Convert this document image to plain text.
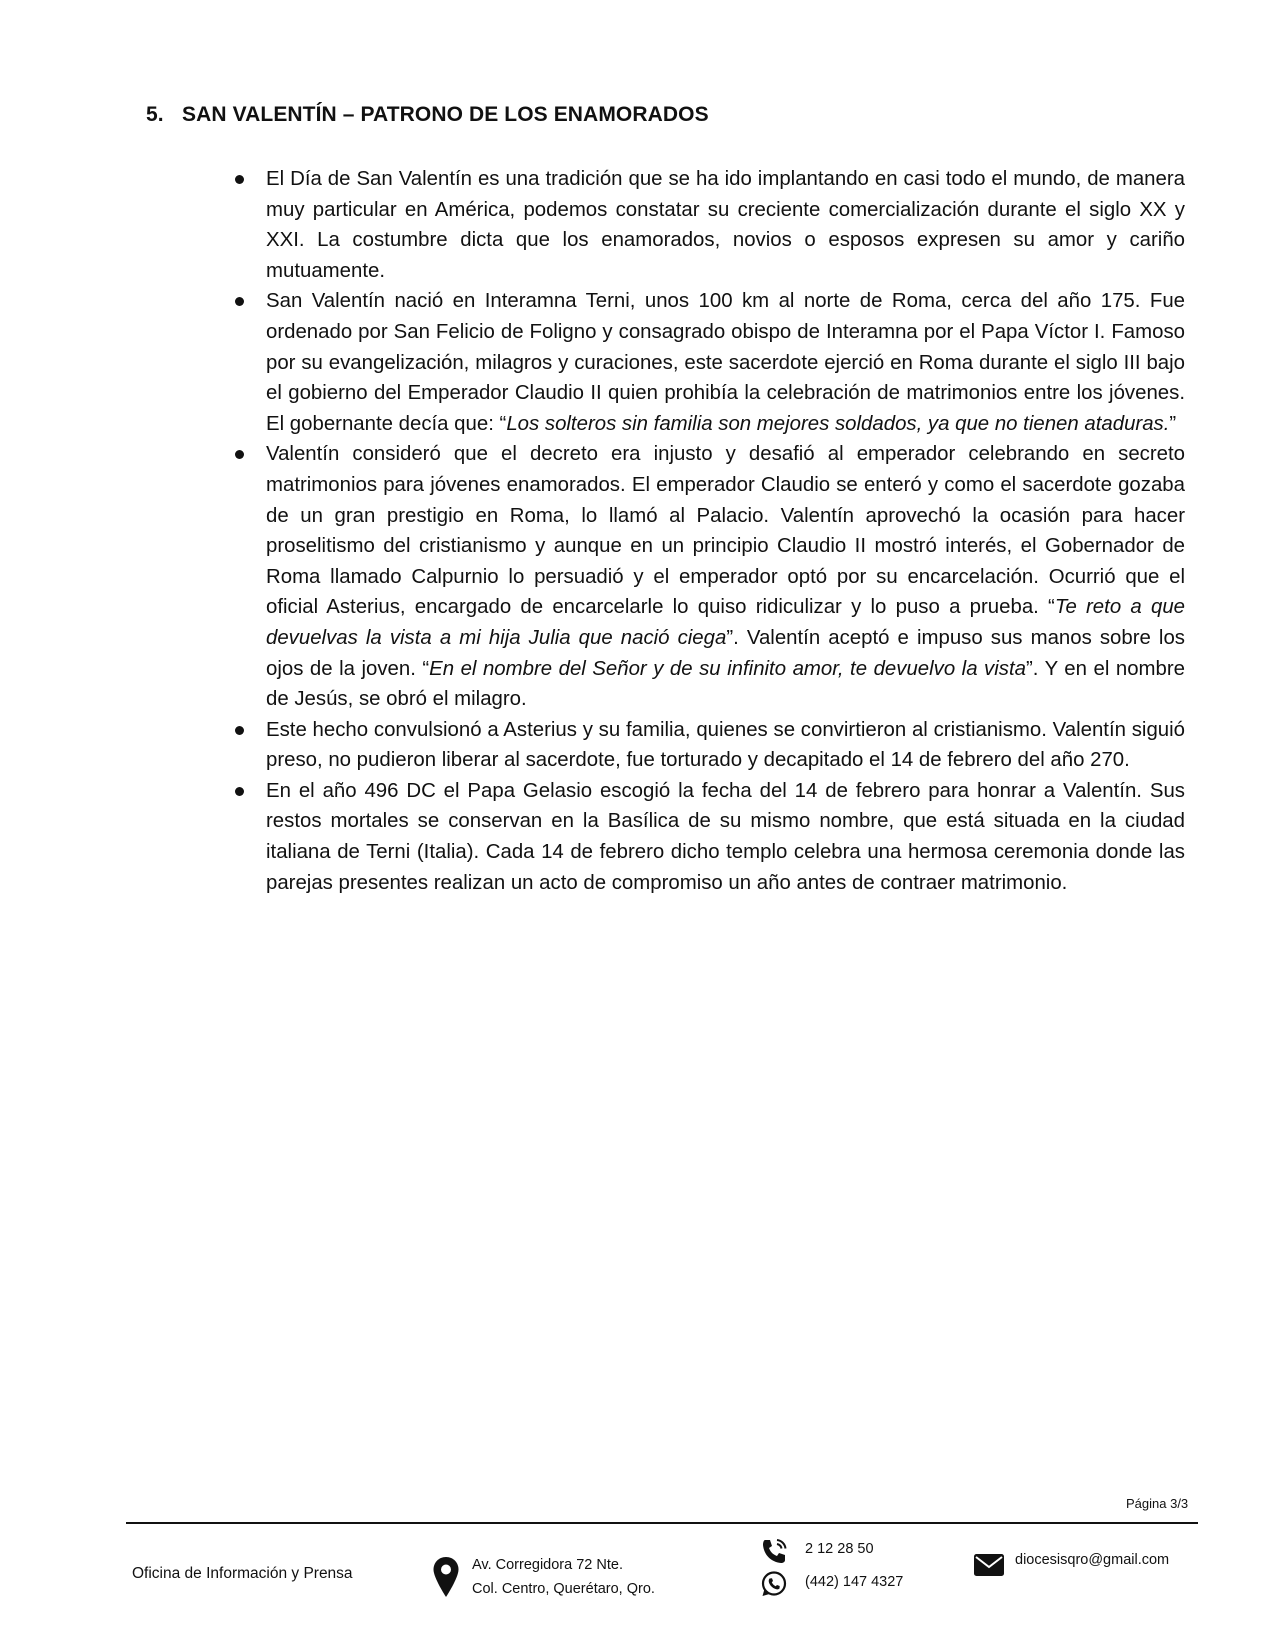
5. SAN VALENTÍN – PATRONO DE LOS ENAMORADOS

El Día de San Valentín es una tradición que se ha ido implantando en casi todo el mundo, de manera muy particular en América, podemos constatar su creciente comercialización durante el siglo XX y XXI. La costumbre dicta que los enamorados, novios o esposos expresen su amor y cariño mutuamente.

San Valentín nació en Interamna Terni, unos 100 km al norte de Roma, cerca del año 175. Fue ordenado por San Felicio de Foligno y consagrado obispo de Interamna por el Papa Víctor I. Famoso por su evangelización, milagros y curaciones, este sacerdote ejerció en Roma durante el siglo III bajo el gobierno del Emperador Claudio II quien prohibía la celebración de matrimonios entre los jóvenes. El gobernante decía que: “Los solteros sin familia son mejores soldados, ya que no tienen ataduras.”

Valentín consideró que el decreto era injusto y desafió al emperador celebrando en secreto matrimonios para jóvenes enamorados. El emperador Claudio se enteró y como el sacerdote gozaba de un gran prestigio en Roma, lo llamó al Palacio. Valentín aprovechó la ocasión para hacer proselitismo del cristianismo y aunque en un principio Claudio II mostró interés, el Gobernador de Roma llamado Calpurnio lo persuadió y el emperador optó por su encarcelación. Ocurrió que el oficial Asterius, encargado de encarcelarle lo quiso ridiculizar y lo puso a prueba. “Te reto a que devuelvas la vista a mi hija Julia que nació ciega”. Valentín aceptó e impuso sus manos sobre los ojos de la joven. “En el nombre del Señor y de su infinito amor, te devuelvo la vista”. Y en el nombre de Jesús, se obró el milagro.

Este hecho convulsionó a Asterius y su familia, quienes se convirtieron al cristianismo. Valentín siguió preso, no pudieron liberar al sacerdote, fue torturado y decapitado el 14 de febrero del año 270.

En el año 496 DC el Papa Gelasio escogió la fecha del 14 de febrero para honrar a Valentín. Sus restos mortales se conservan en la Basílica de su mismo nombre, que está situada en la ciudad italiana de Terni (Italia). Cada 14 de febrero dicho templo celebra una hermosa ceremonia donde las parejas presentes realizan un acto de compromiso un año antes de contraer matrimonio.

Página 3/3
Oficina de Información y Prensa	Av. Corregidora 72 Nte.
Col. Centro, Querétaro, Qro.
2 12 28 50
(442) 147 4327
diocesisqro@gmail.com
